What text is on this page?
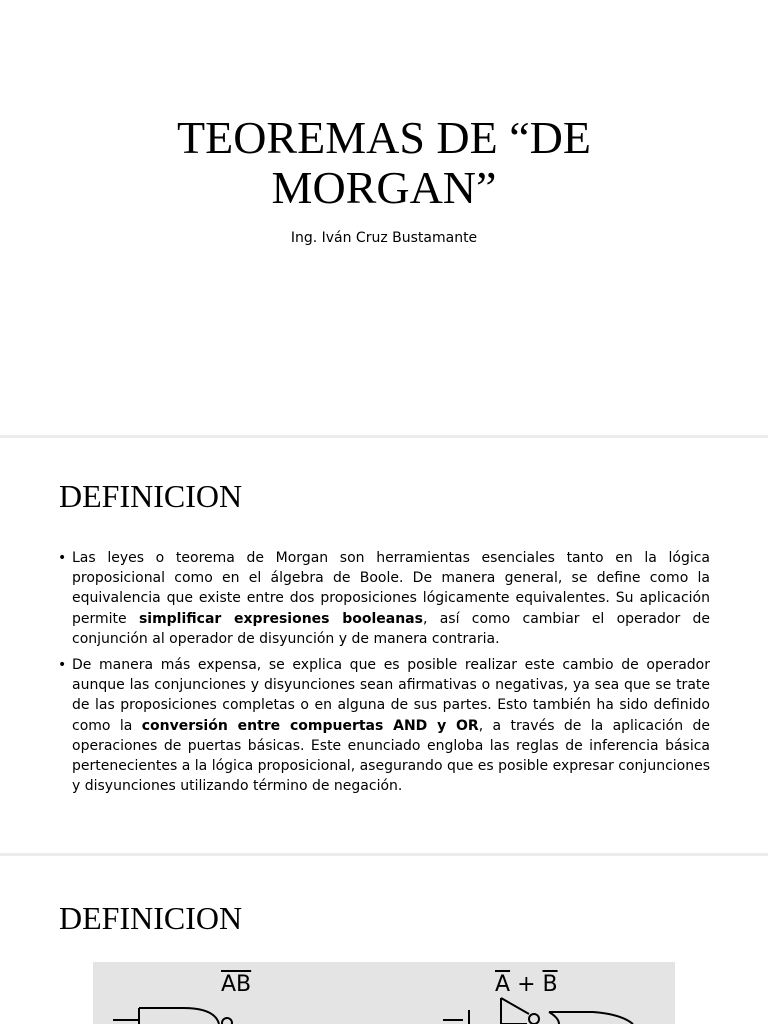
TEOREMAS DE “DE
MORGAN”

Ing. Iván Cruz Bustamante

DEFINICION
• Las leyes o teorema de Morgan son herramientas esenciales tanto en la lógica proposicional como en el álgebra de Boole. De manera general, se define como la equivalencia que existe entre dos proposiciones lógicamente equivalentes. Su aplicación permite simplificar expresiones booleanas, así como cambiar el operador de conjunción al operador de disyunción y de manera contraria.
• De manera más expensa, se explica que es posible realizar este cambio de operador aunque las conjunciones y disyunciones sean afirmativas o negativas, ya sea que se trate de las proposiciones completas o en alguna de sus partes. Esto también ha sido definido como la conversión entre compuertas AND y OR, a través de la aplicación de operaciones de puertas básicas. Este enunciado engloba las reglas de inferencia básica pertenecientes a la lógica proposicional, asegurando que es posible expresar conjunciones y disyunciones utilizando término de negación.
DEFINICION
$\overline{AB}$	$\overline{A} + \overline{B}$
